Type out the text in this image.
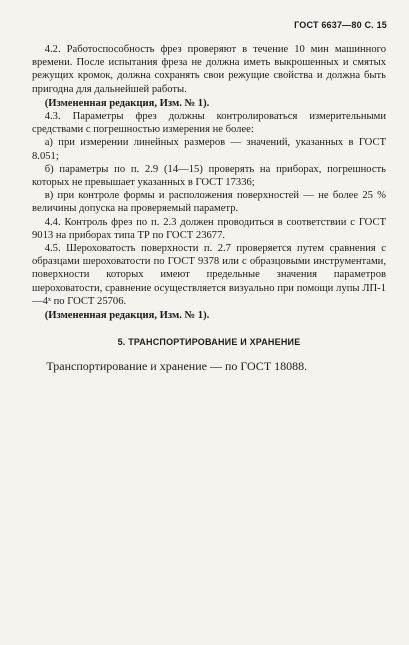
ГОСТ 6637—80 С. 15

4.2. Работоспособность фрез проверяют в течение 10 мин машинного времени. После испытания фреза не должна иметь выкрошенных и смятых режущих кромок, должна сохранять свои режущие свойства и должна быть пригодна для дальнейшей работы.

(Измененная редакция, Изм. № 1).

4.3. Параметры фрез должны контролироваться измерительными средствами с погрешностью измерения не более:

а) при измерении линейных размеров — значений, указанных в ГОСТ 8.051;

б) параметры по п. 2.9 (14—15) проверять на приборах, погрешность которых не превышает указанных в ГОСТ 17336;

в) при контроле формы и расположения поверхностей — не более 25 % величины допуска на проверяемый параметр.

4.4. Контроль фрез по п. 2.3 должен проводиться в соответствии с ГОСТ 9013 на приборах типа ТР по ГОСТ 23677.

4.5. Шероховатость поверхности п. 2.7 проверяется путем сравнения с образцами шероховатости по ГОСТ 9378 или с образцовыми инструментами, поверхности которых имеют предельные значения параметров шероховатости, сравнение осуществляется визуально при помощи лупы ЛП-1—4ˣ по ГОСТ 25706.

(Измененная редакция, Изм. № 1).

5. ТРАНСПОРТИРОВАНИЕ И ХРАНЕНИЕ

Транспортирование и хранение — по ГОСТ 18088.
